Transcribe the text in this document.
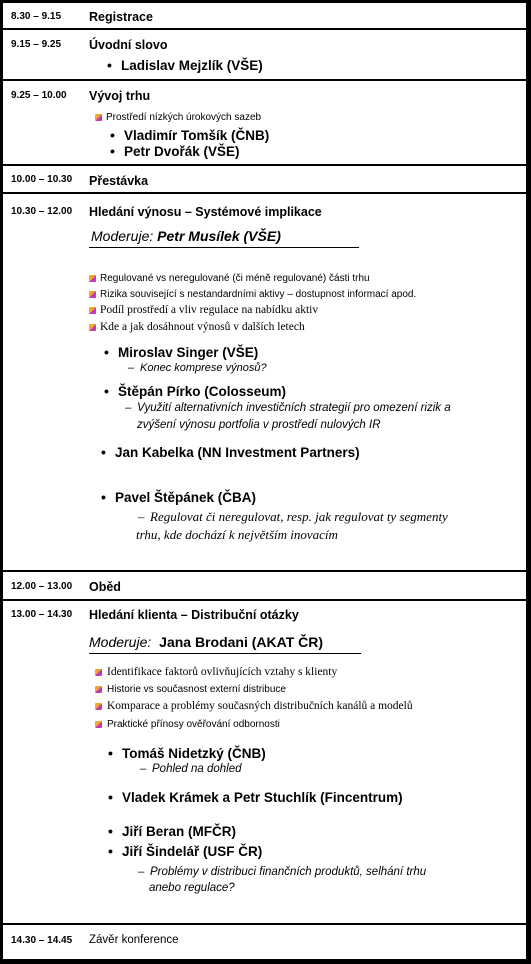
8.30 – 9.15 Registrace
9.15 – 9.25 Úvodní slovo
• Ladislav Mejzlík (VŠE)
9.25 – 10.00 Vývoj trhu
Prostředí nízkých úrokových sazeb
• Vladimír Tomšík (ČNB)
• Petr Dvořák (VŠE)
10.00 – 10.30 Přestávka
10.30 – 12.00 Hledání výnosu – Systémové implikace
Moderuje: Petr Musílek (VŠE)
Regulované vs neregulované (či méně regulované) části trhu
Rizika související s nestandardními aktivy – dostupnost informací apod.
Podíl prostředí a vliv regulace na nabídku aktiv
Kde a jak dosáhnout výnosů v dalších letech
• Miroslav Singer (VŠE)
– Konec komprese výnosů?
• Štěpán Pírko (Colosseum)
– Využití alternativních investičních strategií pro omezení rizik a
zvýšení výnosu portfolia v prostředí nulových IR
• Jan Kabelka (NN Investment Partners)
• Pavel Štěpánek (ČBA)
– Regulovat či neregulovat, resp. jak regulovat ty segmenty
trhu, kde dochází k největším inovacím
12.00 – 13.00 Oběd
13.00 – 14.30 Hledání klienta – Distribuční otázky
Moderuje: Jana Brodani (AKAT ČR)
Identifikace faktorů ovlivňujících vztahy s klienty
Historie vs současnost externí distribuce
Komparace a problémy současných distribučních kanálů a modelů
Praktické přínosy ověřování odbornosti
• Tomáš Nidetzký (ČNB)
– Pohled na dohled
• Vladek Krámek a Petr Stuchlík (Fincentrum)
• Jiří Beran (MFČR)
• Jiří Šindelář (USF ČR)
– Problémy v distribuci finančních produktů, selhání trhu
anebo regulace?
14.30 – 14.45 Závěr konference
